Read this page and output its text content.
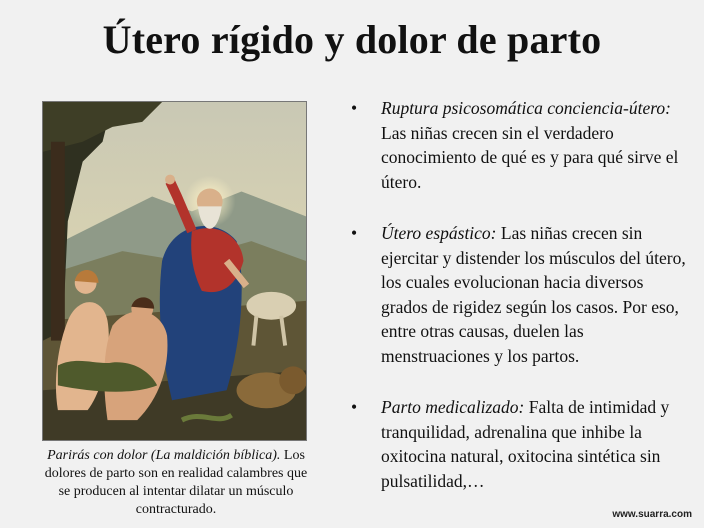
Útero rígido y dolor de parto
Parirás con dolor (La maldición bíblica). Los dolores de parto son en realidad calambres que se producen al intentar dilatar un músculo contracturado.
• Ruptura psicosomática conciencia-útero: Las niñas crecen sin el verdadero conocimiento de qué es y para qué sirve el útero.
• Útero espástico: Las niñas crecen sin ejercitar y distender los músculos del útero, los cuales evolucionan hacia diversos grados de rigidez según los casos. Por eso, entre otras causas, duelen las menstruaciones y los partos.
• Parto medicalizado: Falta de intimidad y tranquilidad, adrenalina que inhibe la oxitocina natural, oxitocina sintética sin pulsatilidad,…
www.suarra.com
